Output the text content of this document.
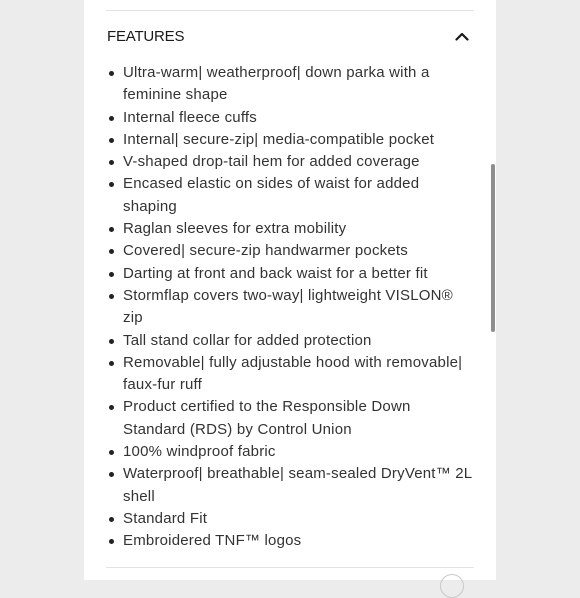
FEATURES
Ultra-warm| weatherproof| down parka with a feminine shape
Internal fleece cuffs
Internal| secure-zip| media-compatible pocket
V-shaped drop-tail hem for added coverage
Encased elastic on sides of waist for added shaping
Raglan sleeves for extra mobility
Covered| secure-zip handwarmer pockets
Darting at front and back waist for a better fit
Stormflap covers two-way| lightweight VISLON® zip
Tall stand collar for added protection
Removable| fully adjustable hood with removable| faux-fur ruff
Product certified to the Responsible Down Standard (RDS) by Control Union
100% windproof fabric
Waterproof| breathable| seam-sealed DryVent™ 2L shell
Standard Fit
Embroidered TNF™ logos
